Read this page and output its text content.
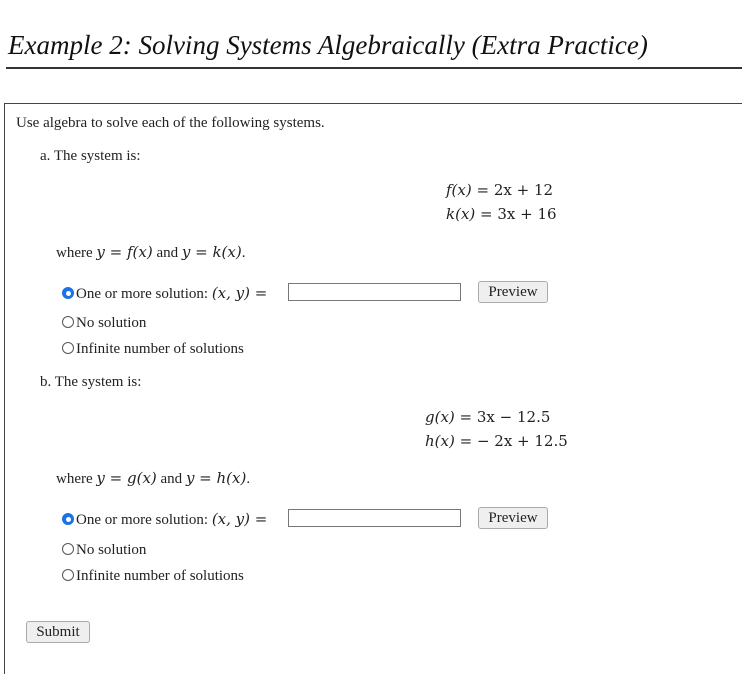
Example 2: Solving Systems Algebraically (Extra Practice)
Use algebra to solve each of the following systems.
a. The system is:
f(x) = 2x + 12
k(x) = 3x + 16
where y = f(x) and y = k(x).
One or more solution: (x, y) =	Preview
No solution
Infinite number of solutions
b. The system is:
g(x) = 3x − 12.5
h(x) = − 2x + 12.5
where y = g(x) and y = h(x).
One or more solution: (x, y) =	Preview
No solution
Infinite number of solutions
Submit
